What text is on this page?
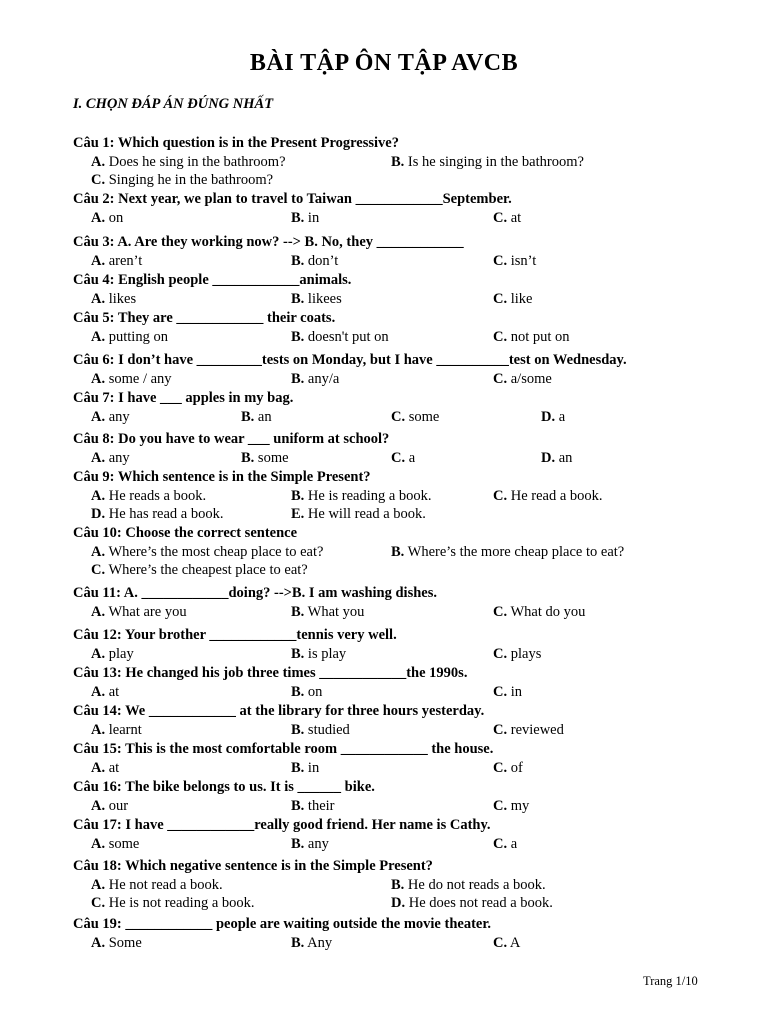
BÀI TẬP ÔN TẬP AVCB
I. CHỌN ĐÁP ÁN ĐÚNG NHẤT
Câu 1: Which question is in the Present Progressive?
A. Does he sing in the bathroom?	B. Is he singing in the bathroom?
C. Singing he in the bathroom?
Câu 2: Next year, we plan to travel to Taiwan ____________September.
A. on	B. in	C. at
Câu 3: A. Are they working now? --> B. No, they ____________
A. aren’t	B. don’t	C. isn’t
Câu 4: English people ____________animals.
A. likes	B. likees	C. like
Câu 5: They are ____________ their coats.
A. putting on	B. doesn't put on	C. not put on
Câu 6: I don’t have _________tests on Monday, but I have __________test on Wednesday.
A. some / any	B. any/a	C. a/some
Câu 7: I have ___ apples in my bag.
A. any	B. an	C. some	D. a
Câu 8: Do you have to wear ___ uniform at school?
A. any	B. some	C. a	D. an
Câu 9: Which sentence is in the Simple Present?
A. He reads a book.	B. He is reading a book.	C. He read a book.
D. He has read a book.	E. He will read a book.
Câu 10: Choose the correct sentence
A. Where’s the most cheap place to eat?	B. Where’s the more cheap place to eat?
C. Where’s the cheapest place to eat?
Câu 11: A. ____________doing? -->B. I am washing dishes.
A. What are you	B. What you	C. What do you
Câu 12: Your brother ____________tennis very well.
A. play	B. is play	C. plays
Câu 13: He changed his job three times ____________the 1990s.
A. at	B. on	C. in
Câu 14: We ____________ at the library for three hours yesterday.
A. learnt	B. studied	C. reviewed
Câu 15: This is the most comfortable room ____________ the house.
A. at	B. in	C. of
Câu 16: The bike belongs to us. It is ______ bike.
A. our	B. their	C. my
Câu 17: I have ____________really good friend. Her name is Cathy.
A. some	B. any	C. a
Câu 18: Which negative sentence is in the Simple Present?
A. He not read a book.	B. He do not reads a book.
C. He is not reading a book.	D. He does not read a book.
Câu 19: ____________ people are waiting outside the movie theater.
A. Some	B. Any	C. A
Trang 1/10
